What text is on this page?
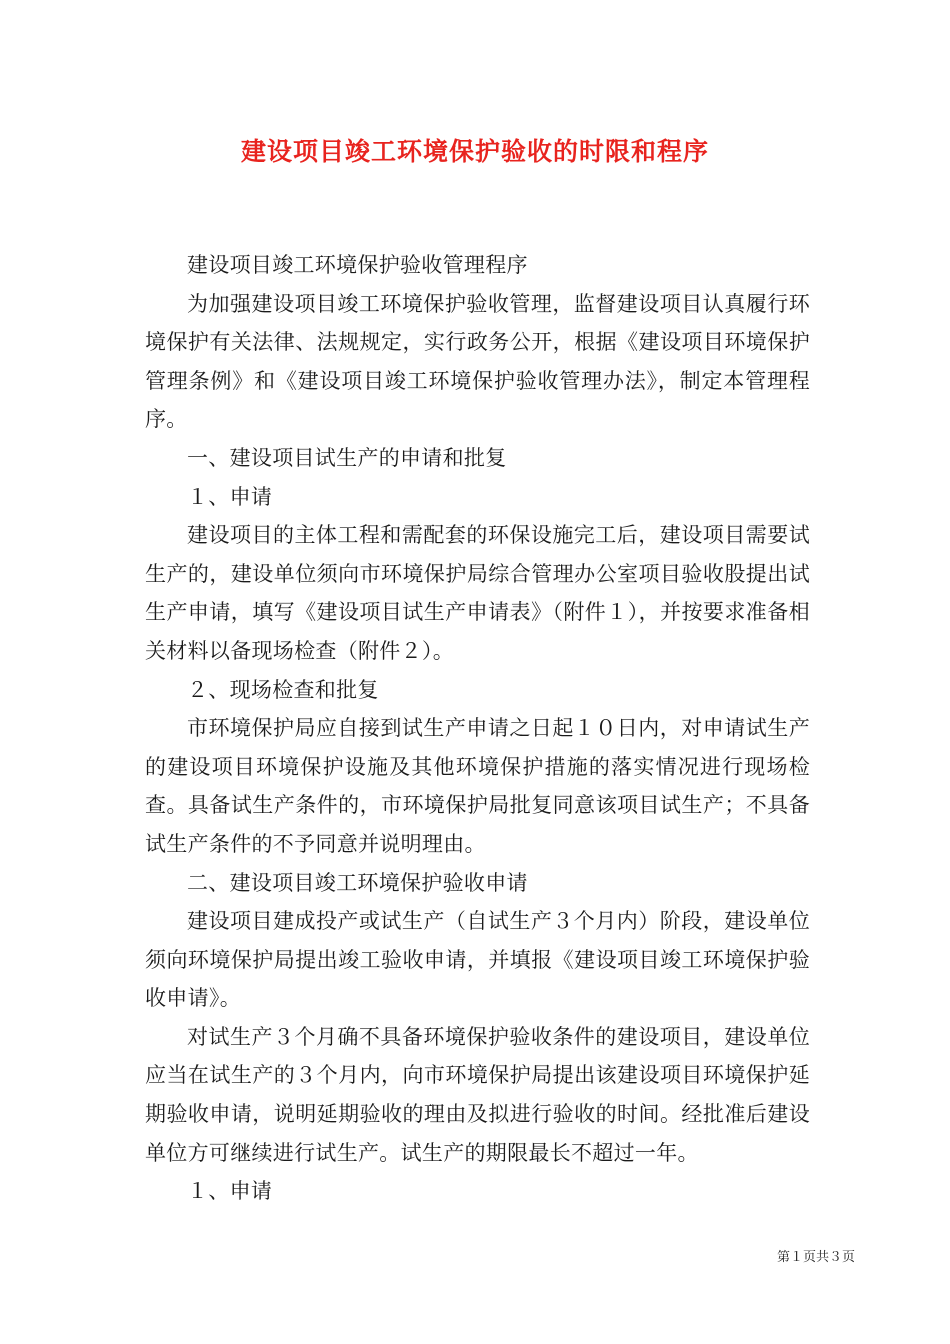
建设项目竣工环境保护验收的时限和程序

建设项目竣工环境保护验收管理程序

为加强建设项目竣工环境保护验收管理，监督建设项目认真履行环境保护有关法律、法规规定，实行政务公开，根据《建设项目环境保护管理条例》和《建设项目竣工环境保护验收管理办法》，制定本管理程序。

一、建设项目试生产的申请和批复

１、申请

建设项目的主体工程和需配套的环保设施完工后，建设项目需要试生产的，建设单位须向市环境保护局综合管理办公室项目验收股提出试生产申请，填写《建设项目试生产申请表》（附件１），并按要求准备相关材料以备现场检查（附件２）。

２、现场检查和批复

市环境保护局应自接到试生产申请之日起１０日内，对申请试生产的建设项目环境保护设施及其他环境保护措施的落实情况进行现场检查。具备试生产条件的，市环境保护局批复同意该项目试生产；不具备试生产条件的不予同意并说明理由。

二、建设项目竣工环境保护验收申请

建设项目建成投产或试生产（自试生产３个月内）阶段，建设单位须向环境保护局提出竣工验收申请，并填报《建设项目竣工环境保护验收申请》。

对试生产３个月确不具备环境保护验收条件的建设项目，建设单位应当在试生产的３个月内，向市环境保护局提出该建设项目环境保护延期验收申请，说明延期验收的理由及拟进行验收的时间。经批准后建设单位方可继续进行试生产。试生产的期限最长不超过一年。

１、申请

第１页共３页
